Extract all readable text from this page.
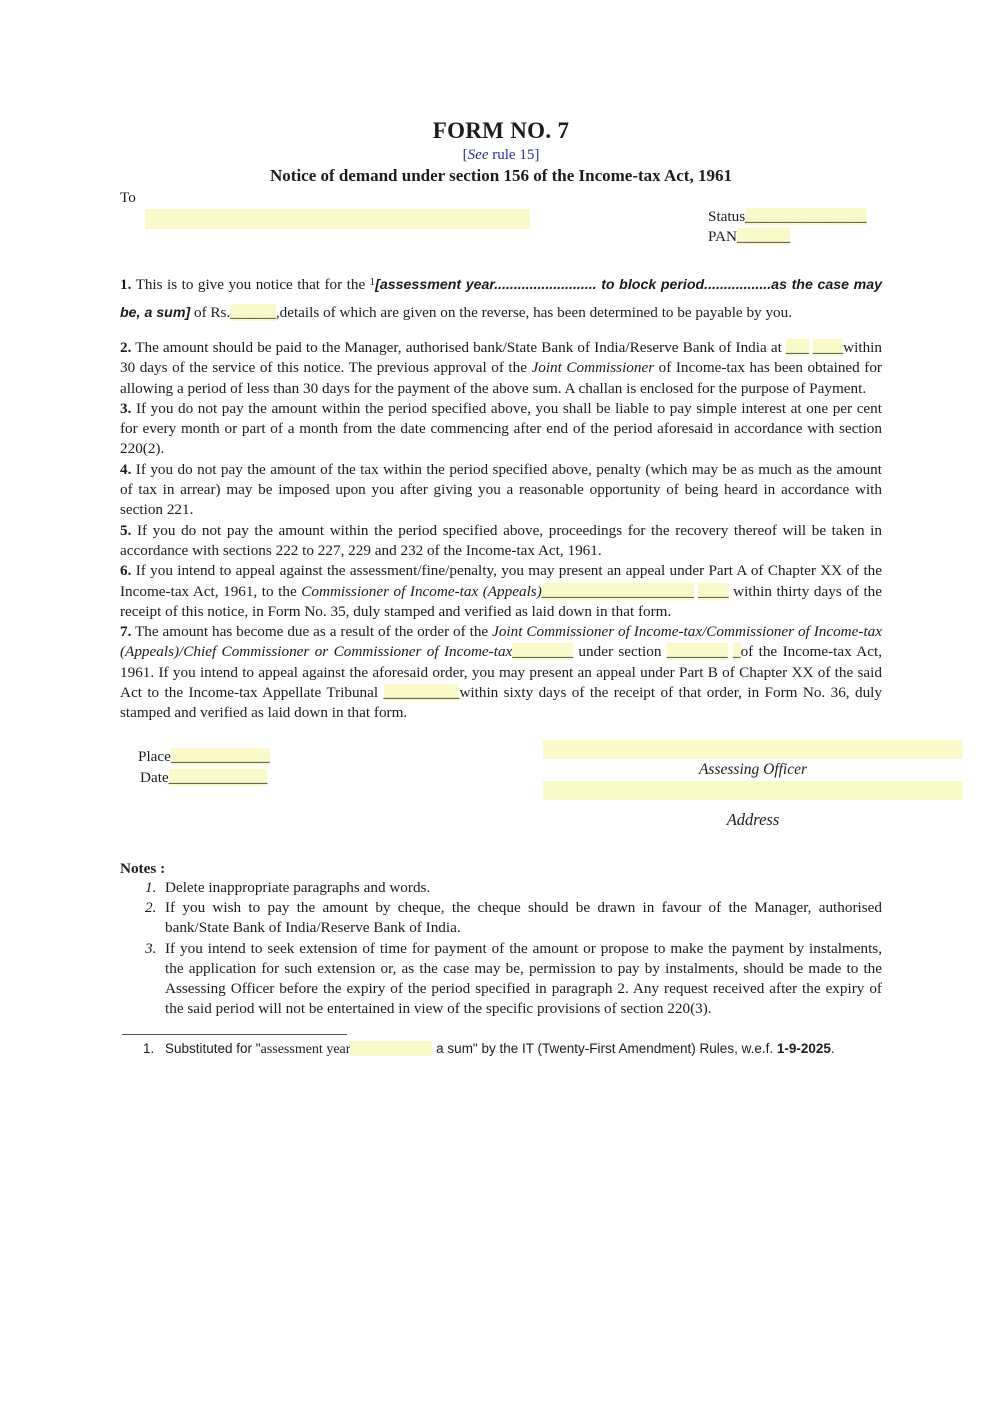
FORM NO. 7
[See rule 15]
Notice of demand under section 156 of the Income-tax Act, 1961
To
Status________________
PAN_______

1. This is to give you notice that for the $^1$[assessment year.......................... to block period.................as the case may be, a sum] of Rs.______,details of which are given on the reverse, has been determined to be payable by you.

2. The amount should be paid to the Manager, authorised bank/State Bank of India/Reserve Bank of India at ___ ____within 30 days of the service of this notice. The previous approval of the Joint Commissioner of Income-tax has been obtained for allowing a period of less than 30 days for the payment of the above sum. A challan is enclosed for the purpose of Payment.

3. If you do not pay the amount within the period specified above, you shall be liable to pay simple interest at one per cent for every month or part of a month from the date commencing after end of the period aforesaid in accordance with section 220(2).

4. If you do not pay the amount of the tax within the period specified above, penalty (which may be as much as the amount of tax in arrear) may be imposed upon you after giving you a reasonable opportunity of being heard in accordance with section 221.

5. If you do not pay the amount within the period specified above, proceedings for the recovery thereof will be taken in accordance with sections 222 to 227, 229 and 232 of the Income-tax Act, 1961.

6. If you intend to appeal against the assessment/fine/penalty, you may present an appeal under Part A of Chapter XX of the Income-tax Act, 1961, to the Commissioner of Income-tax (Appeals)____________________ ____ within thirty days of the receipt of this notice, in Form No. 35, duly stamped and verified as laid down in that form.

7. The amount has become due as a result of the order of the Joint Commissioner of Income-tax/Commissioner of Income-tax (Appeals)/Chief Commissioner or Commissioner of Income-tax________ under section ________ _of the Income-tax Act, 1961. If you intend to appeal against the aforesaid order, you may present an appeal under Part B of Chapter XX of the said Act to the Income-tax Appellate Tribunal __________within sixty days of the receipt of that order, in Form No. 36, duly stamped and verified as laid down in that form.

Place_____________
Date_____________	Assessing Officer
Address
Notes :
1. Delete inappropriate paragraphs and words.
2. If you wish to pay the amount by cheque, the cheque should be drawn in favour of the Manager, authorised bank/State Bank of India/Reserve Bank of India.
3. If you intend to seek extension of time for payment of the amount or propose to make the payment by instalments, the application for such extension or, as the case may be, permission to pay by instalments, should be made to the Assessing Officer before the expiry of the period specified in paragraph 2. Any request received after the expiry of the said period will not be entertained in view of the specific provisions of section 220(3).
1. Substituted for "assessment year	a sum" by the IT (Twenty-First Amendment) Rules, w.e.f. 1-9-2025.
